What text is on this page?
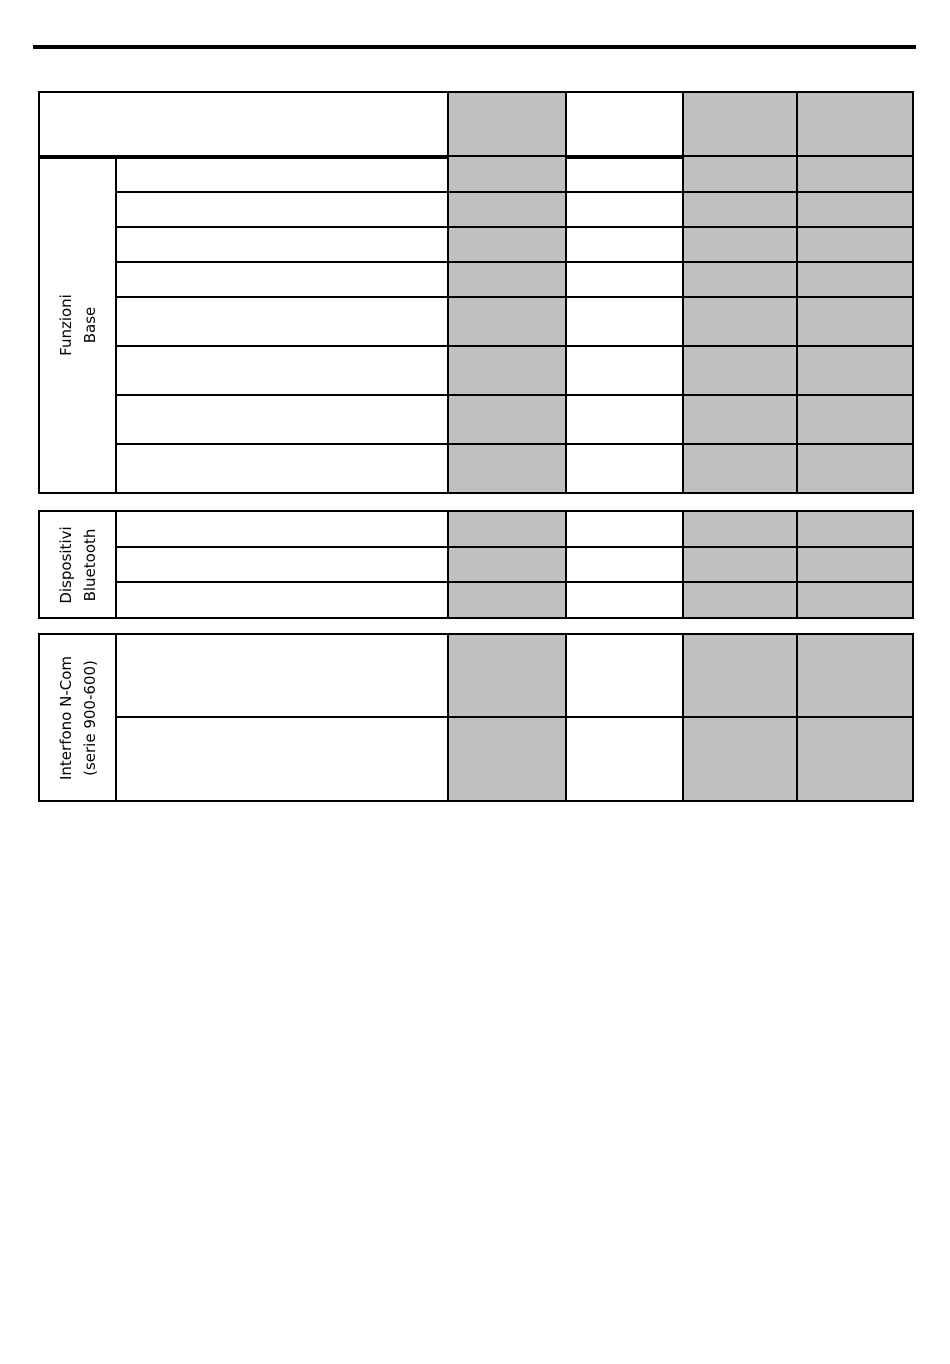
Funzioni Base					

Dispositivi Bluetooth					

Interfono N-Com (serie 900-600)					
